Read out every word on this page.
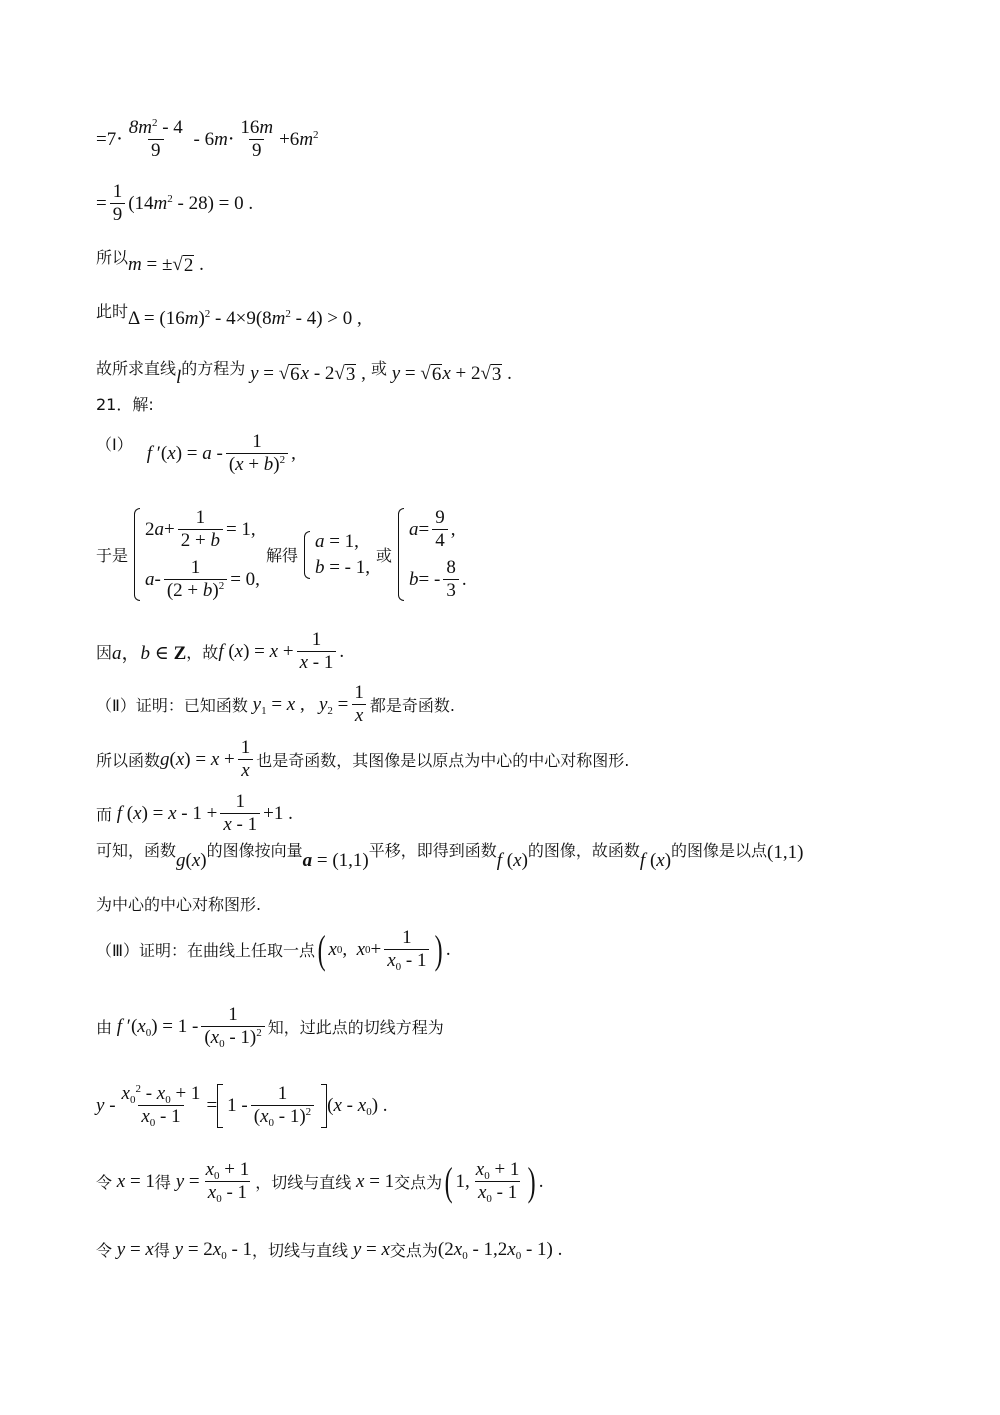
$=7\cdot \frac{8m^2 - 4}{9} - 6m\cdot \frac{16m}{9} +6m^2$
= $\frac{1}{9} (14m^2 - 28) = 0$ .
所以 m = ± √ 2 .
此时 $\Delta = (16m)^2 - 4\times 9(8m^2 - 4) > 0$ ,
故所求直线 l 的方程为 y = √ 6 x - 2 √ 3 ,
或 y = √ 6 x + 2 √ 3 .
21．解:
（Ⅰ） f $'(x) = a - \frac{1}{(x + b)^2}$ ,
于是
2 $a + \frac{1}{2 + b} = 1$,
$a - \frac{1}{(2 + b)^2} = 0$,
解得
a = 1,
b = - 1,
或
$a = \frac{9}{4}$ ,
b = - $\frac{8}{3}$ .
因 a，b ∈ Z ，故 f $(x) = x + \frac{1}{x - 1}$ .
（Ⅱ）证明：已知函数 $y_1 = x$ ,   $y_2 = \frac{1}{x}$ 都是奇函数.
所以函数 $g(x) = x + \frac{1}{x}$ 也是奇函数，其图像是以原点为中心的中心对称图形.
而 f $(x) = x - 1 + \frac{1}{x - 1} +1$ .
可知，函数 g(x) 的图像按向量 a = (1,1) 平移，即得到函数 f (x) 的图像，故函数 f (x) 的图像是以点 (1,1)
为中心的中心对称图形.
（Ⅲ）证明：在曲线上任取一点 ( x 0 , x $0 + \frac{1}{x_0 - 1}$ ) .
由 f $'(x_0) = 1 - \frac{1}{(x_0 - 1)^2}$ 知，过此点的切线方程为
$y - \frac{x_0^2 - x_0 + 1}{x_0 - 1} = 1 - \frac{1}{(x_0 - 1)^2} (x - x_0)$ .
令 x = 1 得 $y = \frac{x_0 + 1}{x_0 - 1}$ ，切线与直线 x = 1 交点为 ( 1, $\frac{x_0 + 1}{x_0 - 1}$ ) .
令 y = x 得 $y = 2x_0 - 1$ ，切线与直线 y = x 交点为 $(2x_0 - 1,2x_0 - 1)$ .
